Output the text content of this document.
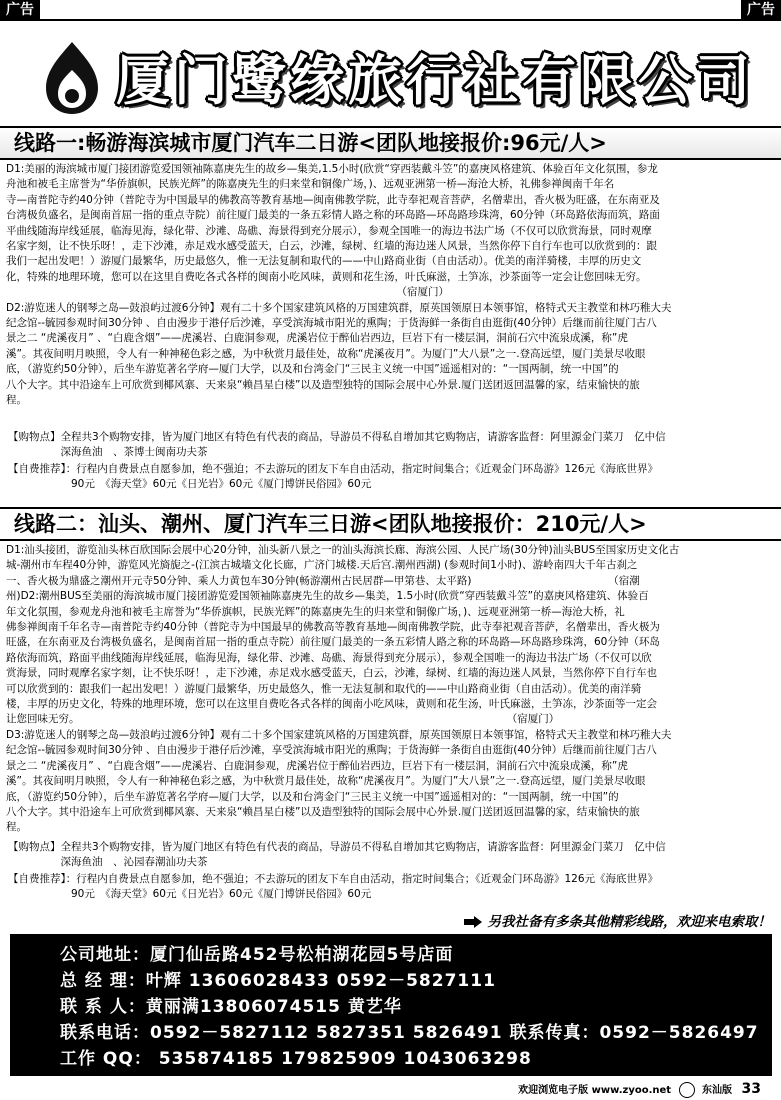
广告	广告
厦门鹭缘旅行社有限公司
线路一:畅游海滨城市厦门汽车二日游<团队地接报价:96元/人>
D1:美丽的海滨城市厦门接团游览爱国领袖陈嘉庚先生的故乡—集美,1.5小时(欣赏“穿西装戴斗笠”的嘉庚风格建筑、体验百年文化氛围，参龙
舟池和被毛主席誉为“华侨旗帜，民族光辉”的陈嘉庚先生的归来堂和铜像广场，)、远观亚洲第一桥—海沧大桥，礼佛参禅闽南千年名
寺—南普陀寺约40分钟（普陀寺为中国最早的佛教高等教育基地—闽南佛教学院，此寺奉祀观音菩萨，名僧辈出，香火极为旺盛，在东南亚及
台湾极负盛名，是闽南首屈一指的重点寺院）前往厦门最美的一条五彩情人路之称的环岛路—环岛路珍珠湾，60分钟（环岛路依海而筑，路面
平曲线随海岸线延展，临海见海，绿化带、沙滩、岛礁、海景得到充分展示），参观全国唯一的海边书法广场（不仅可以欣赏海景，同时观摩
名家字刻，让不快乐呀！，走下沙滩，赤足戏水感受蓝天，白云，沙滩，绿树、红墙的海边迷人风景，当然你停下自行车也可以欣赏到的：跟
我们一起出发吧！）游厦门最繁华，历史最悠久，惟一无法复制和取代的——中山路商业街（自由活动）。优美的南洋骑楼，丰厚的历史文
化，特殊的地理环境，您可以在这里自费吃各式各样的闽南小吃风味，黄则和花生汤，叶氏麻滋，土笋冻，沙茶面等一定会让您回味无穷。
（宿厦门）
D2:游览迷人的钢琴之岛—鼓浪屿过渡6分钟】观有二十多个国家建筑风格的万国建筑群，原英国领原日本领事馆，格特式天主教堂和林巧稚大夫
纪念馆--毓园参观时间30分钟 、自由漫步于港仔后沙滩，享受滨海城市阳光的熏陶；于货海鲜一条街自由逛街(40分钟）后继而前往厦门古八
景之二 “虎溪夜月” 、“白鹿含烟”——虎溪岩、白鹿洞参观，虎溪岩位于醉仙岩西边，巨岩下有一楼层洞，洞前石穴中流泉成溪，称”虎
溪”。其夜间明月映照，令人有一种神秘色彩之感，为中秋赏月最佳处，故称“虎溪夜月”。为厦门”大八景”之一.登高远望，厦门美景尽收眼
底，（游览约50分钟），后坐车游览著名学府—厦门大学，以及和台湾金门“三民主义统一中国”遥遥相对的：“一国两制，统一中国”的
八个大字。其中沿途车上可欣赏到椰风寨、天来泉“赖昌星白楼”以及造型独特的国际会展中心外景.厦门送团返回温馨的家，结束愉快的旅
程。
【购物点】全程共3个购物安排，皆为厦门地区有特色有代表的商品，导游员不得私自增加其它购物店，请游客监督：阿里源金门菜刀　亿中信
　　　　　深海鱼油　、茶博士闽南功夫茶
【自费推荐】：行程内自费景点自愿参加，绝不强迫；不去游玩的团友下车自由活动，指定时间集合；《近观金门环岛游》126元《海底世界》
　　　　　　90元　《海天堂》60元《日光岩》60元《厦门博饼民俗园》60元
线路二：汕头、潮州、厦门汽车三日游<团队地接报价：210元/人>
D1:汕头接团，游览汕头林百欣国际会展中心20分钟，汕头新八景之一的汕头海滨长廊、海滨公园、人民广场(30分钟)汕头BUS至国家历史文化古
城-潮州市车程40分钟，游览风光旖旎之-(江滨古城墙文化长廊，广济门城楼.天后宫.潮州西湖) (参观时间1小时)、游岭南四大千年古刹之
一、香火极为鼎盛之潮州开元寺50分钟、乘人力黄包车30分钟(畅游潮州古民居群—甲第巷、太平路)                                         （宿潮
州)D2:潮州BUS至美丽的海滨城市厦门接团游览爱国领袖陈嘉庚先生的故乡—集美，1.5小时(欣赏“穿西装戴斗笠”的嘉庚风格建筑、体验百
年文化氛围，参观龙舟池和被毛主席誉为“华侨旗帜，民族光辉”的陈嘉庚先生的归来堂和铜像广场，)、远观亚洲第一桥—海沧大桥，礼
佛参禅闽南千年名寺—南普陀寺约40分钟（普陀寺为中国最早的佛教高等教育基地—闽南佛教学院，此寺奉祀观音菩萨，名僧辈出，香火极为
旺盛，在东南亚及台湾极负盛名，是闽南首屈一指的重点寺院）前往厦门最美的一条五彩情人路之称的环岛路—环岛路珍珠湾，60分钟（环岛
路依海而筑，路面平曲线随海岸线延展，临海见海，绿化带、沙滩、岛礁、海景得到充分展示），参观全国唯一的海边书法广场（不仅可以欣
赏海景，同时观摩名家字刻，让不快乐呀！，走下沙滩，赤足戏水感受蓝天，白云，沙滩，绿树、红墙的海边迷人风景，当然你停下自行车也
可以欣赏到的：跟我们一起出发吧！）游厦门最繁华，历史最悠久，惟一无法复制和取代的——中山路商业街（自由活动）。优美的南洋骑
楼，丰厚的历史文化，特殊的地理环境，您可以在这里自费吃各式各样的闽南小吃风味，黄则和花生汤，叶氏麻滋，土笋冻，沙茶面等一定会
让您回味无穷。                                                                                                                                （宿厦门）
D3:游览迷人的钢琴之岛—鼓浪屿过渡6分钟】观有二十多个国家建筑风格的万国建筑群，原英国领原日本领事馆，格特式天主教堂和林巧稚大夫
纪念馆--毓园参观时间30分钟 、自由漫步于港仔后沙滩，享受滨海城市阳光的熏陶；于货海鲜一条街自由逛街(40分钟）后继而前往厦门古八
景之二 “虎溪夜月” 、“白鹿含烟”——虎溪岩、白鹿洞参观，虎溪岩位于醉仙岩西边，巨岩下有一楼层洞，洞前石穴中流泉成溪，称”虎
溪”。其夜间明月映照，令人有一种神秘色彩之感，为中秋赏月最佳处，故称“虎溪夜月”。为厦门”大八景”之一.登高远望，厦门美景尽收眼
底，（游览约50分钟），后坐车游览著名学府—厦门大学，以及和台湾金门“三民主义统一中国”遥遥相对的：“一国两制，统一中国”的
八个大字。其中沿途车上可欣赏到椰风寨、天来泉“赖昌星白楼”以及造型独特的国际会展中心外景.厦门送团返回温馨的家，结束愉快的旅
程。
【购物点】全程共3个购物安排，皆为厦门地区有特色有代表的商品，导游员不得私自增加其它购物店，请游客监督：阿里源金门菜刀　亿中信
　　　　　深海鱼油　、沁园春潮汕功夫茶
【自费推荐】：行程内自费景点自愿参加，绝不强迫；不去游玩的团友下车自由活动，指定时间集合；《近观金门环岛游》126元《海底世界》
　　　　　　90元　《海天堂》60元《日光岩》60元《厦门博饼民俗园》60元
另我社备有多条其他精彩线路，欢迎来电索取！
公司地址：厦门仙岳路452号松柏湖花园5号店面
总 经 理：叶辉 13606028433 0592－5827111
联 系 人：黄丽满13806074515 黄艺华
联系电话：0592－5827112 5827351 5826491 联系传真：0592－5826497
工作 QQ： 535874185 179825909 1043063298
欢迎浏览电子版 www.zyoo.net	东汕版 33
